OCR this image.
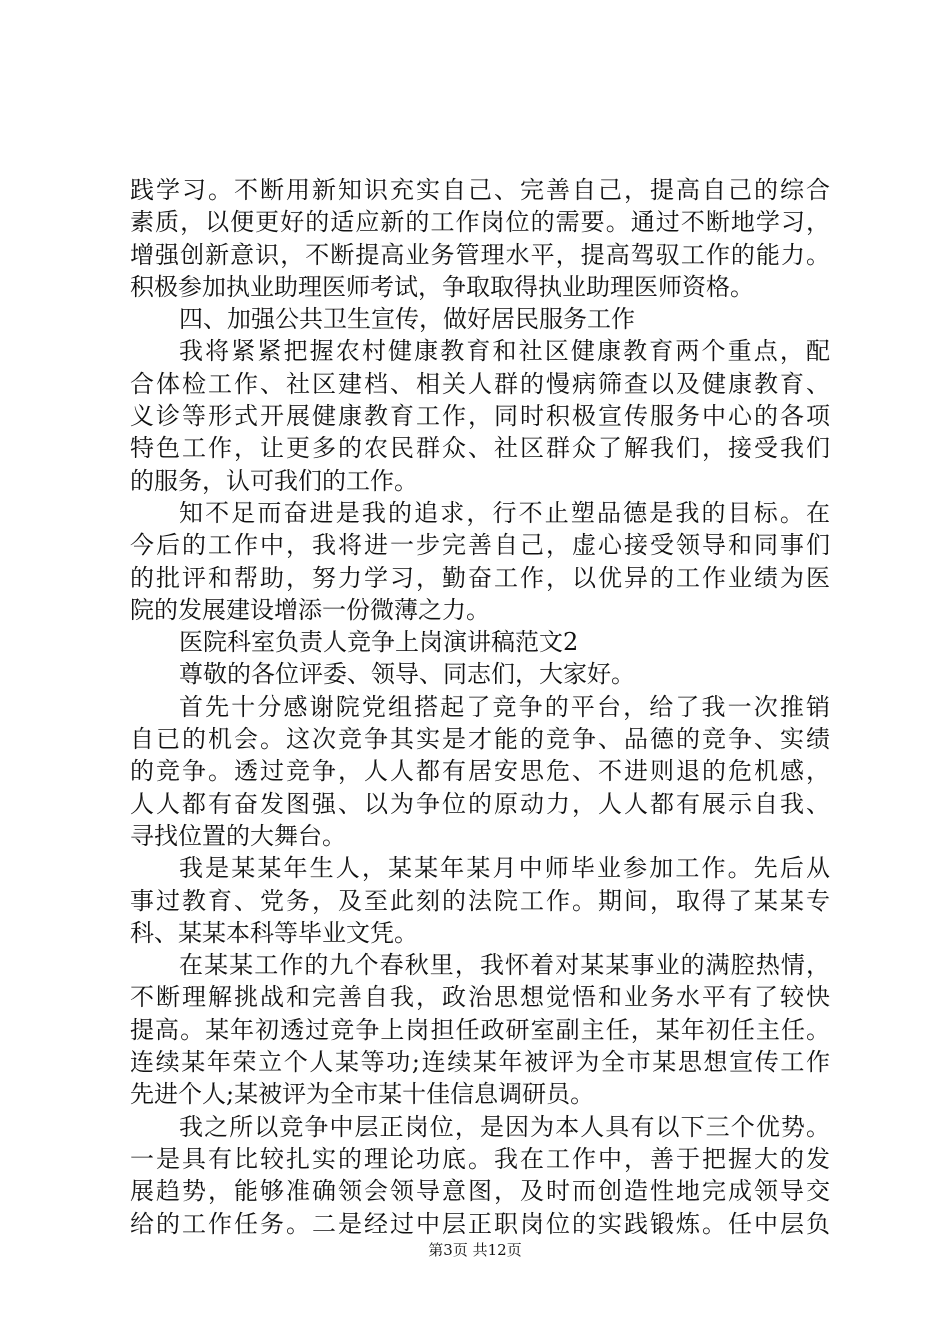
践学习。不断用新知识充实自己、完善自己，提高自己的综合
素质，以便更好的适应新的工作岗位的需要。通过不断地学习，
增强创新意识，不断提高业务管理水平，提高驾驭工作的能力。
积极参加执业助理医师考试，争取取得执业助理医师资格。
四、加强公共卫生宣传，做好居民服务工作
我将紧紧把握农村健康教育和社区健康教育两个重点，配
合体检工作、社区建档、相关人群的慢病筛查以及健康教育、
义诊等形式开展健康教育工作，同时积极宣传服务中心的各项
特色工作，让更多的农民群众、社区群众了解我们，接受我们
的服务，认可我们的工作。
知不足而奋进是我的追求，行不止塑品德是我的目标。在
今后的工作中，我将进一步完善自己，虚心接受领导和同事们
的批评和帮助，努力学习，勤奋工作，以优异的工作业绩为医
院的发展建设增添一份微薄之力。
医院科室负责人竞争上岗演讲稿范文2
尊敬的各位评委、领导、同志们，大家好。
首先十分感谢院党组搭起了竞争的平台，给了我一次推销
自已的机会。这次竞争其实是才能的竞争、品德的竞争、实绩
的竞争。透过竞争，人人都有居安思危、不进则退的危机感，
人人都有奋发图强、以为争位的原动力，人人都有展示自我、
寻找位置的大舞台。
我是某某年生人，某某年某月中师毕业参加工作。先后从
事过教育、党务，及至此刻的法院工作。期间，取得了某某专
科、某某本科等毕业文凭。
在某某工作的九个春秋里，我怀着对某某事业的满腔热情，
不断理解挑战和完善自我，政治思想觉悟和业务水平有了较快
提高。某年初透过竞争上岗担任政研室副主任，某年初任主任。
连续某年荣立个人某等功;连续某年被评为全市某思想宣传工作
先进个人;某被评为全市某十佳信息调研员。
我之所以竞争中层正岗位，是因为本人具有以下三个优势。
一是具有比较扎实的理论功底。我在工作中，善于把握大的发
展趋势，能够准确领会领导意图，及时而创造性地完成领导交
给的工作任务。二是经过中层正职岗位的实践锻炼。任中层负
第3页 共12页
